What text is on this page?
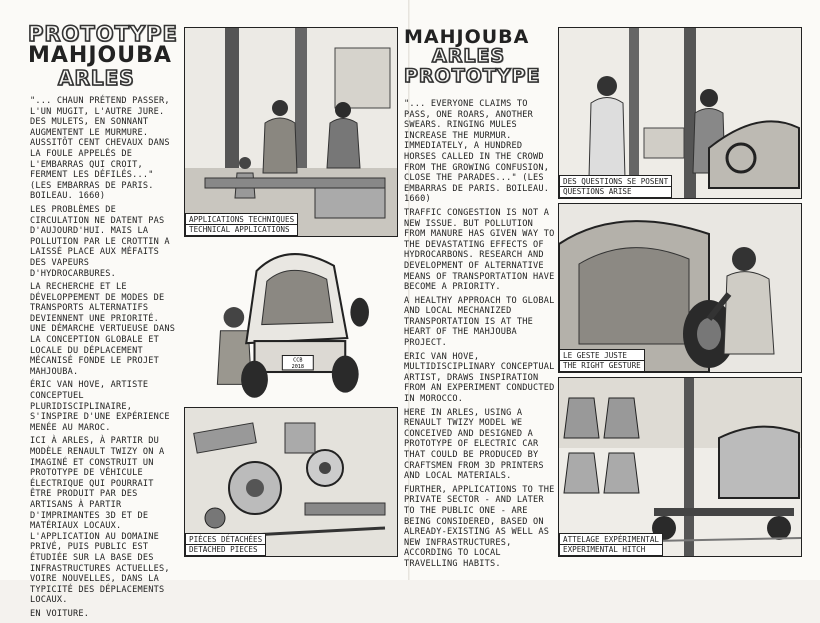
PROTOTYPE
MAHJOUBA
ARLES

"... CHAUN PRÉTEND PASSER, L'UN MUGIT, L'AUTRE JURE. DES MULETS, EN SONNANT AUGMENTENT LE MURMURE. AUSSITÔT CENT CHEVAUX DANS LA FOULE APPELÉS DE L'EMBARRAS QUI CROIT, FERMENT LES DÉFILÉS..." (LES EMBARRAS DE PARIS. BOILEAU. 1660)

LES PROBLÈMES DE CIRCULATION NE DATENT PAS D'AUJOURD'HUI. MAIS LA POLLUTION PAR LE CROTTIN A LAISSÉ PLACE AUX MÉFAITS DES VAPEURS D'HYDROCARBURES.

LA RECHERCHE ET LE DÉVELOPPEMENT DE MODES DE TRANSPORTS ALTERNATIFS DEVIENNENT UNE PRIORITÉ. UNE DÉMARCHE VERTUEUSE DANS LA CONCEPTION GLOBALE ET LOCALE DU DÉPLACEMENT MÉCANISÉ FONDE LE PROJET MAHJOUBA.

ÉRIC VAN HOVE, ARTISTE CONCEPTUEL PLURIDISCIPLINAIRE, S'INSPIRE D'UNE EXPÉRIENCE MENÉE AU MAROC.

ICI À ARLES, À PARTIR DU MODÈLE RENAULT TWIZY ON A IMAGINÉ ET CONSTRUIT UN PROTOTYPE DE VÉHICULE ÉLECTRIQUE QUI POURRAIT ÊTRE PRODUIT PAR DES ARTISANS À PARTIR D'IMPRIMANTES 3D ET DE MATÉRIAUX LOCAUX. L'APPLICATION AU DOMAINE PRIVÉ, PUIS PUBLIC EST ÉTUDIÉE SUR LA BASE DES INFRASTRUCTURES ACTUELLES, VOIRE NOUVELLES, DANS LA TYPICITÉ DES DÉPLACEMENTS LOCAUX.

EN VOITURE.

APPLICATIONS TECHNIQUES
TECHNICAL APPLICATIONS
CCB
2018
PIÈCES DÉTACHÉES
DETACHED PIECES
MAHJOUBA
ARLES
PROTOTYPE

"... EVERYONE CLAIMS TO PASS, ONE ROARS, ANOTHER SWEARS. RINGING MULES INCREASE THE MURMUR. IMMEDIATELY, A HUNDRED HORSES CALLED IN THE CROWD FROM THE GROWING CONFUSION, CLOSE THE PARADES..." (LES EMBARRAS DE PARIS. BOILEAU. 1660)

TRAFFIC CONGESTION IS NOT A NEW ISSUE. BUT POLLUTION FROM MANURE HAS GIVEN WAY TO THE DEVASTATING EFFECTS OF HYDROCARBONS. RESEARCH AND DEVELOPMENT OF ALTERNATIVE MEANS OF TRANSPORTATION HAVE BECOME A PRIORITY.

A HEALTHY APPROACH TO GLOBAL AND LOCAL MECHANIZED TRANSPORTATION IS AT THE HEART OF THE MAHJOUBA PROJECT.

ERIC VAN HOVE, MULTIDISCIPLINARY CONCEPTUAL ARTIST, DRAWS INSPIRATION FROM AN EXPERIMENT CONDUCTED IN MOROCCO.

HERE IN ARLES, USING A RENAULT TWIZY MODEL WE CONCEIVED AND DESIGNED A PROTOTYPE OF ELECTRIC CAR THAT COULD BE PRODUCED BY CRAFTSMEN FROM 3D PRINTERS AND LOCAL MATERIALS.

FURTHER, APPLICATIONS TO THE PRIVATE SECTOR - AND LATER TO THE PUBLIC ONE - ARE BEING CONSIDERED, BASED ON ALREADY-EXISTING AS WELL AS NEW INFRASTRUCTURES, ACCORDING TO LOCAL TRAVELLING HABITS.

DES QUESTIONS SE POSENT
QUESTIONS ARISE
LE GESTE JUSTE
THE RIGHT GESTURE
ATTELAGE EXPÉRIMENTAL
EXPERIMENTAL HITCH
